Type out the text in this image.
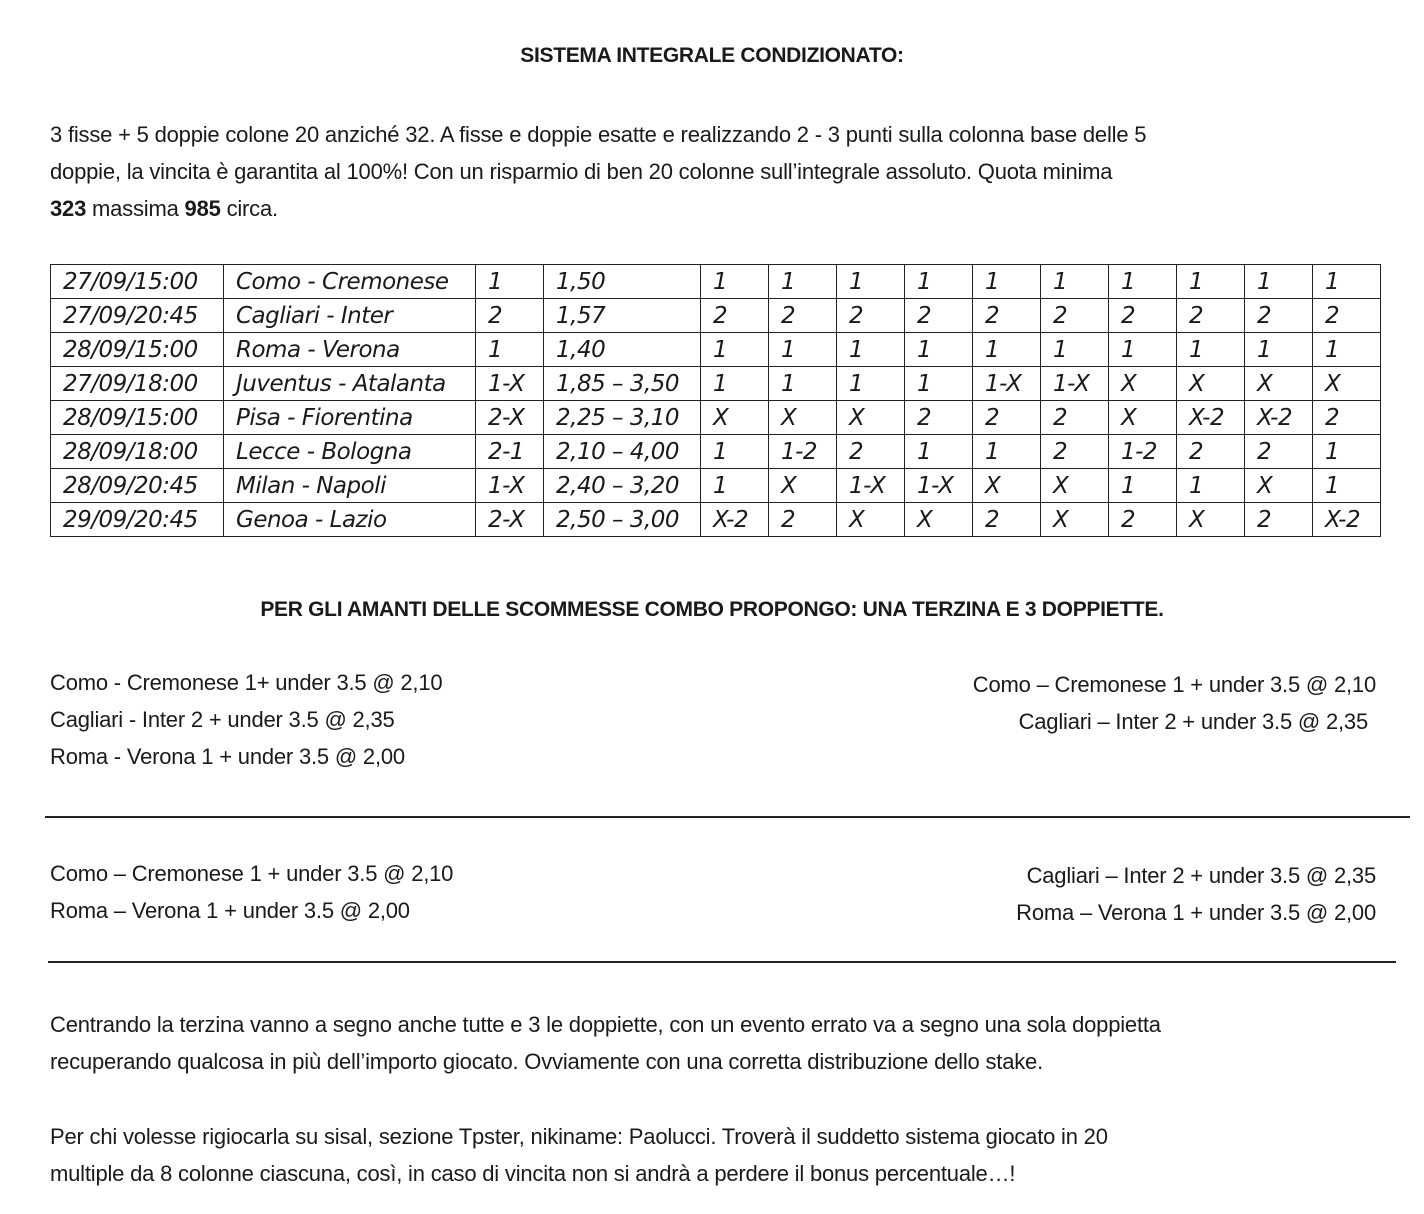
SISTEMA INTEGRALE CONDIZIONATO:
3 fisse + 5 doppie colone 20 anziché 32. A fisse e doppie esatte e realizzando 2 - 3 punti sulla colonna base delle 5
doppie, la vincita è garantita al 100%! Con un risparmio di ben 20 colonne sull’integrale assoluto. Quota minima
323 massima 985 circa.
27/09/15:00	Como - Cremonese	1	1,50	1	1	1	1	1	1	1	1	1	1
27/09/20:45	Cagliari - Inter	2	1,57	2	2	2	2	2	2	2	2	2	2
28/09/15:00	Roma - Verona	1	1,40	1	1	1	1	1	1	1	1	1	1
27/09/18:00	Juventus - Atalanta	1-X	1,85 – 3,50	1	1	1	1	1-X	1-X	X	X	X	X
28/09/15:00	Pisa - Fiorentina	2-X	2,25 – 3,10	X	X	X	2	2	2	X	X-2	X-2	2
28/09/18:00	Lecce - Bologna	2-1	2,10 – 4,00	1	1-2	2	1	1	2	1-2	2	2	1
28/09/20:45	Milan - Napoli	1-X	2,40 – 3,20	1	X	1-X	1-X	X	X	1	1	X	1
29/09/20:45	Genoa - Lazio	2-X	2,50 – 3,00	X-2	2	X	X	2	X	2	X	2	X-2
PER GLI AMANTI DELLE SCOMMESSE COMBO PROPONGO: UNA TERZINA E 3 DOPPIETTE.
Como - Cremonese 1+ under 3.5 @ 2,10
Cagliari - Inter 2 + under 3.5 @ 2,35
Roma - Verona 1 + under 3.5 @ 2,00
Como – Cremonese 1 + under 3.5 @ 2,10
Cagliari – Inter 2 + under 3.5 @ 2,35
Como – Cremonese 1 + under 3.5 @ 2,10
Roma – Verona 1 + under 3.5 @ 2,00
Cagliari – Inter 2 + under 3.5 @ 2,35
Roma – Verona 1 + under 3.5 @ 2,00
Centrando la terzina vanno a segno anche tutte e 3 le doppiette, con un evento errato va a segno una sola doppietta
recuperando qualcosa in più dell’importo giocato. Ovviamente con una corretta distribuzione dello stake.
Per chi volesse rigiocarla su sisal, sezione Tpster, nikiname: Paolucci. Troverà il suddetto sistema giocato in 20
multiple da 8 colonne ciascuna, così, in caso di vincita non si andrà a perdere il bonus percentuale…!
